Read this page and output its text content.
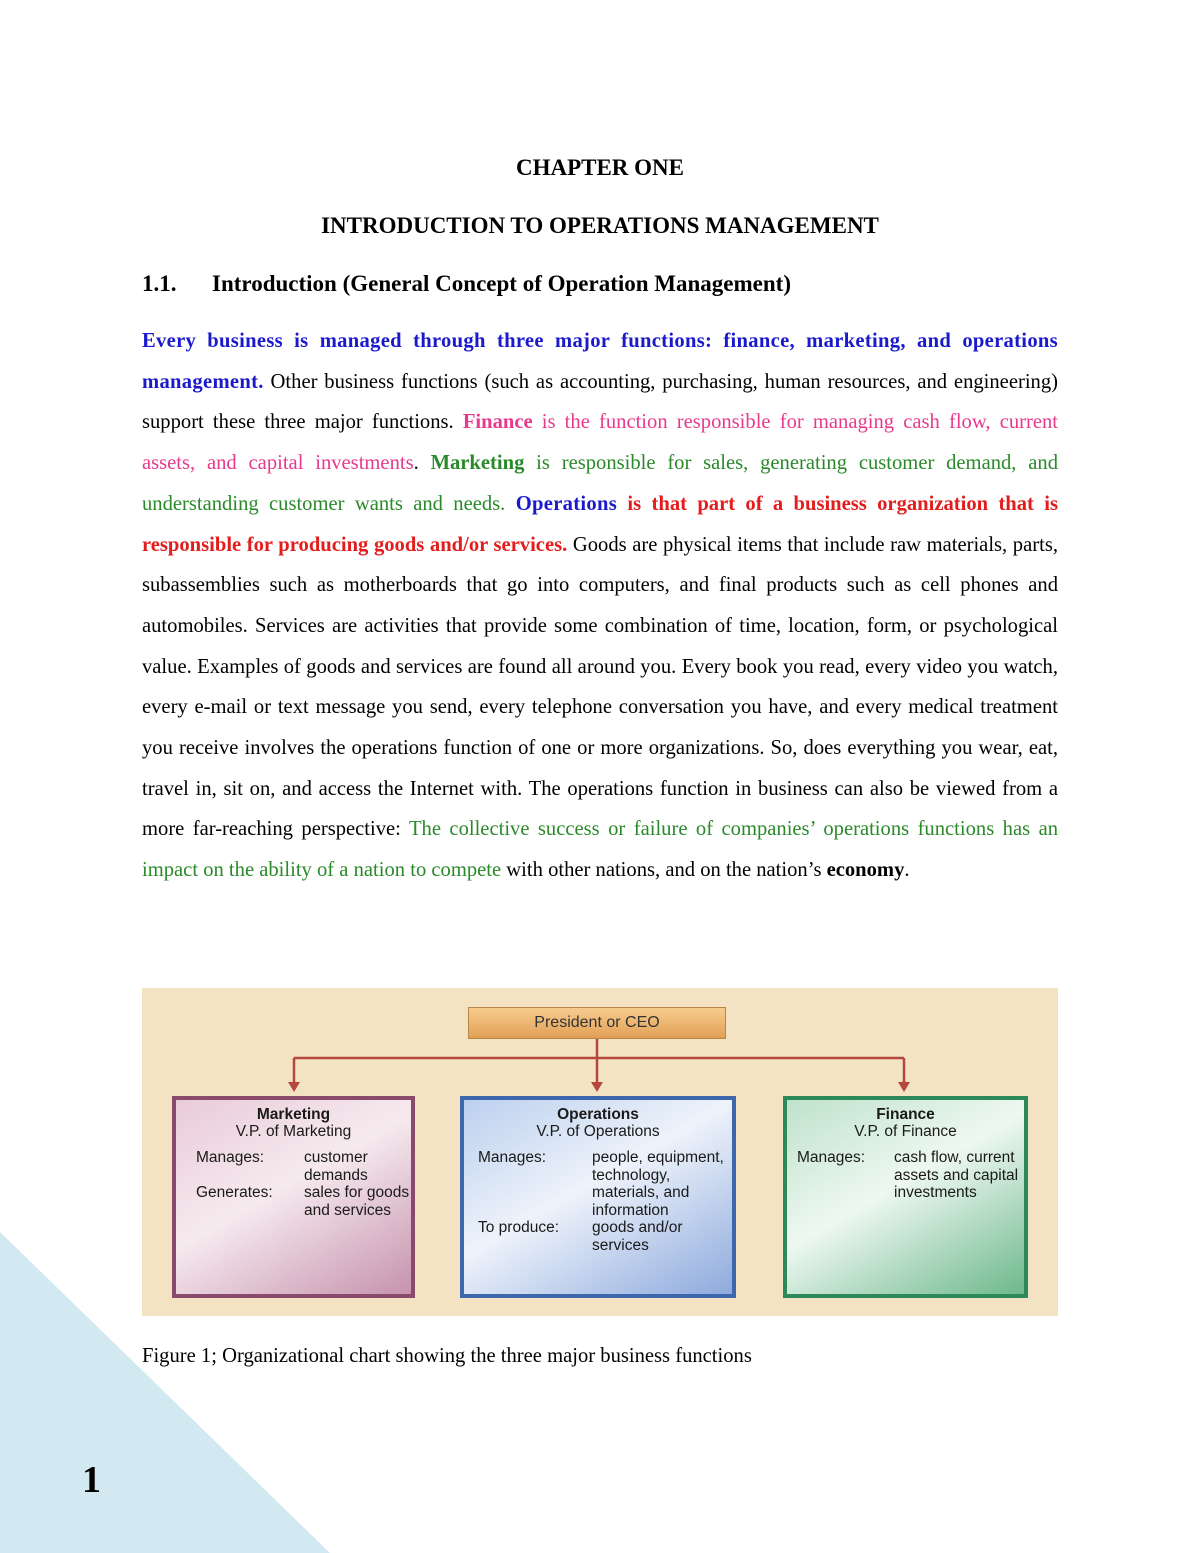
1
CHAPTER ONE
INTRODUCTION TO OPERATIONS MANAGEMENT
1.1. Introduction (General Concept of Operation Management)
Every business is managed through three major functions: finance, marketing, and operations management. Other business functions (such as accounting, purchasing, human resources, and engineering) support these three major functions. Finance is the function responsible for managing cash flow, current assets, and capital investments. Marketing is responsible for sales, generating customer demand, and understanding customer wants and needs. Operations is that part of a business organization that is responsible for producing goods and/or services. Goods are physical items that include raw materials, parts, subassemblies such as motherboards that go into computers, and final products such as cell phones and automobiles. Services are activities that provide some combination of time, location, form, or psychological value. Examples of goods and services are found all around you. Every book you read, every video you watch, every e-mail or text message you send, every telephone conversation you have, and every medical treatment you receive involves the operations function of one or more organizations. So, does everything you wear, eat, travel in, sit on, and access the Internet with. The operations function in business can also be viewed from a more far-reaching perspective: The collective success or failure of companies’ operations functions has an impact on the ability of a nation to compete with other nations, and on the nation’s economy.
President or CEO
Marketing
V.P. of Marketing
Manages:	customer demands
Generates:	sales for goods and services
Operations
V.P. of Operations
Manages:	people, equipment, technology, materials, and information
To produce:	goods and/or services
Finance
V.P. of Finance
Manages:	cash flow, current assets and capital investments
Figure 1; Organizational chart showing the three major business functions
